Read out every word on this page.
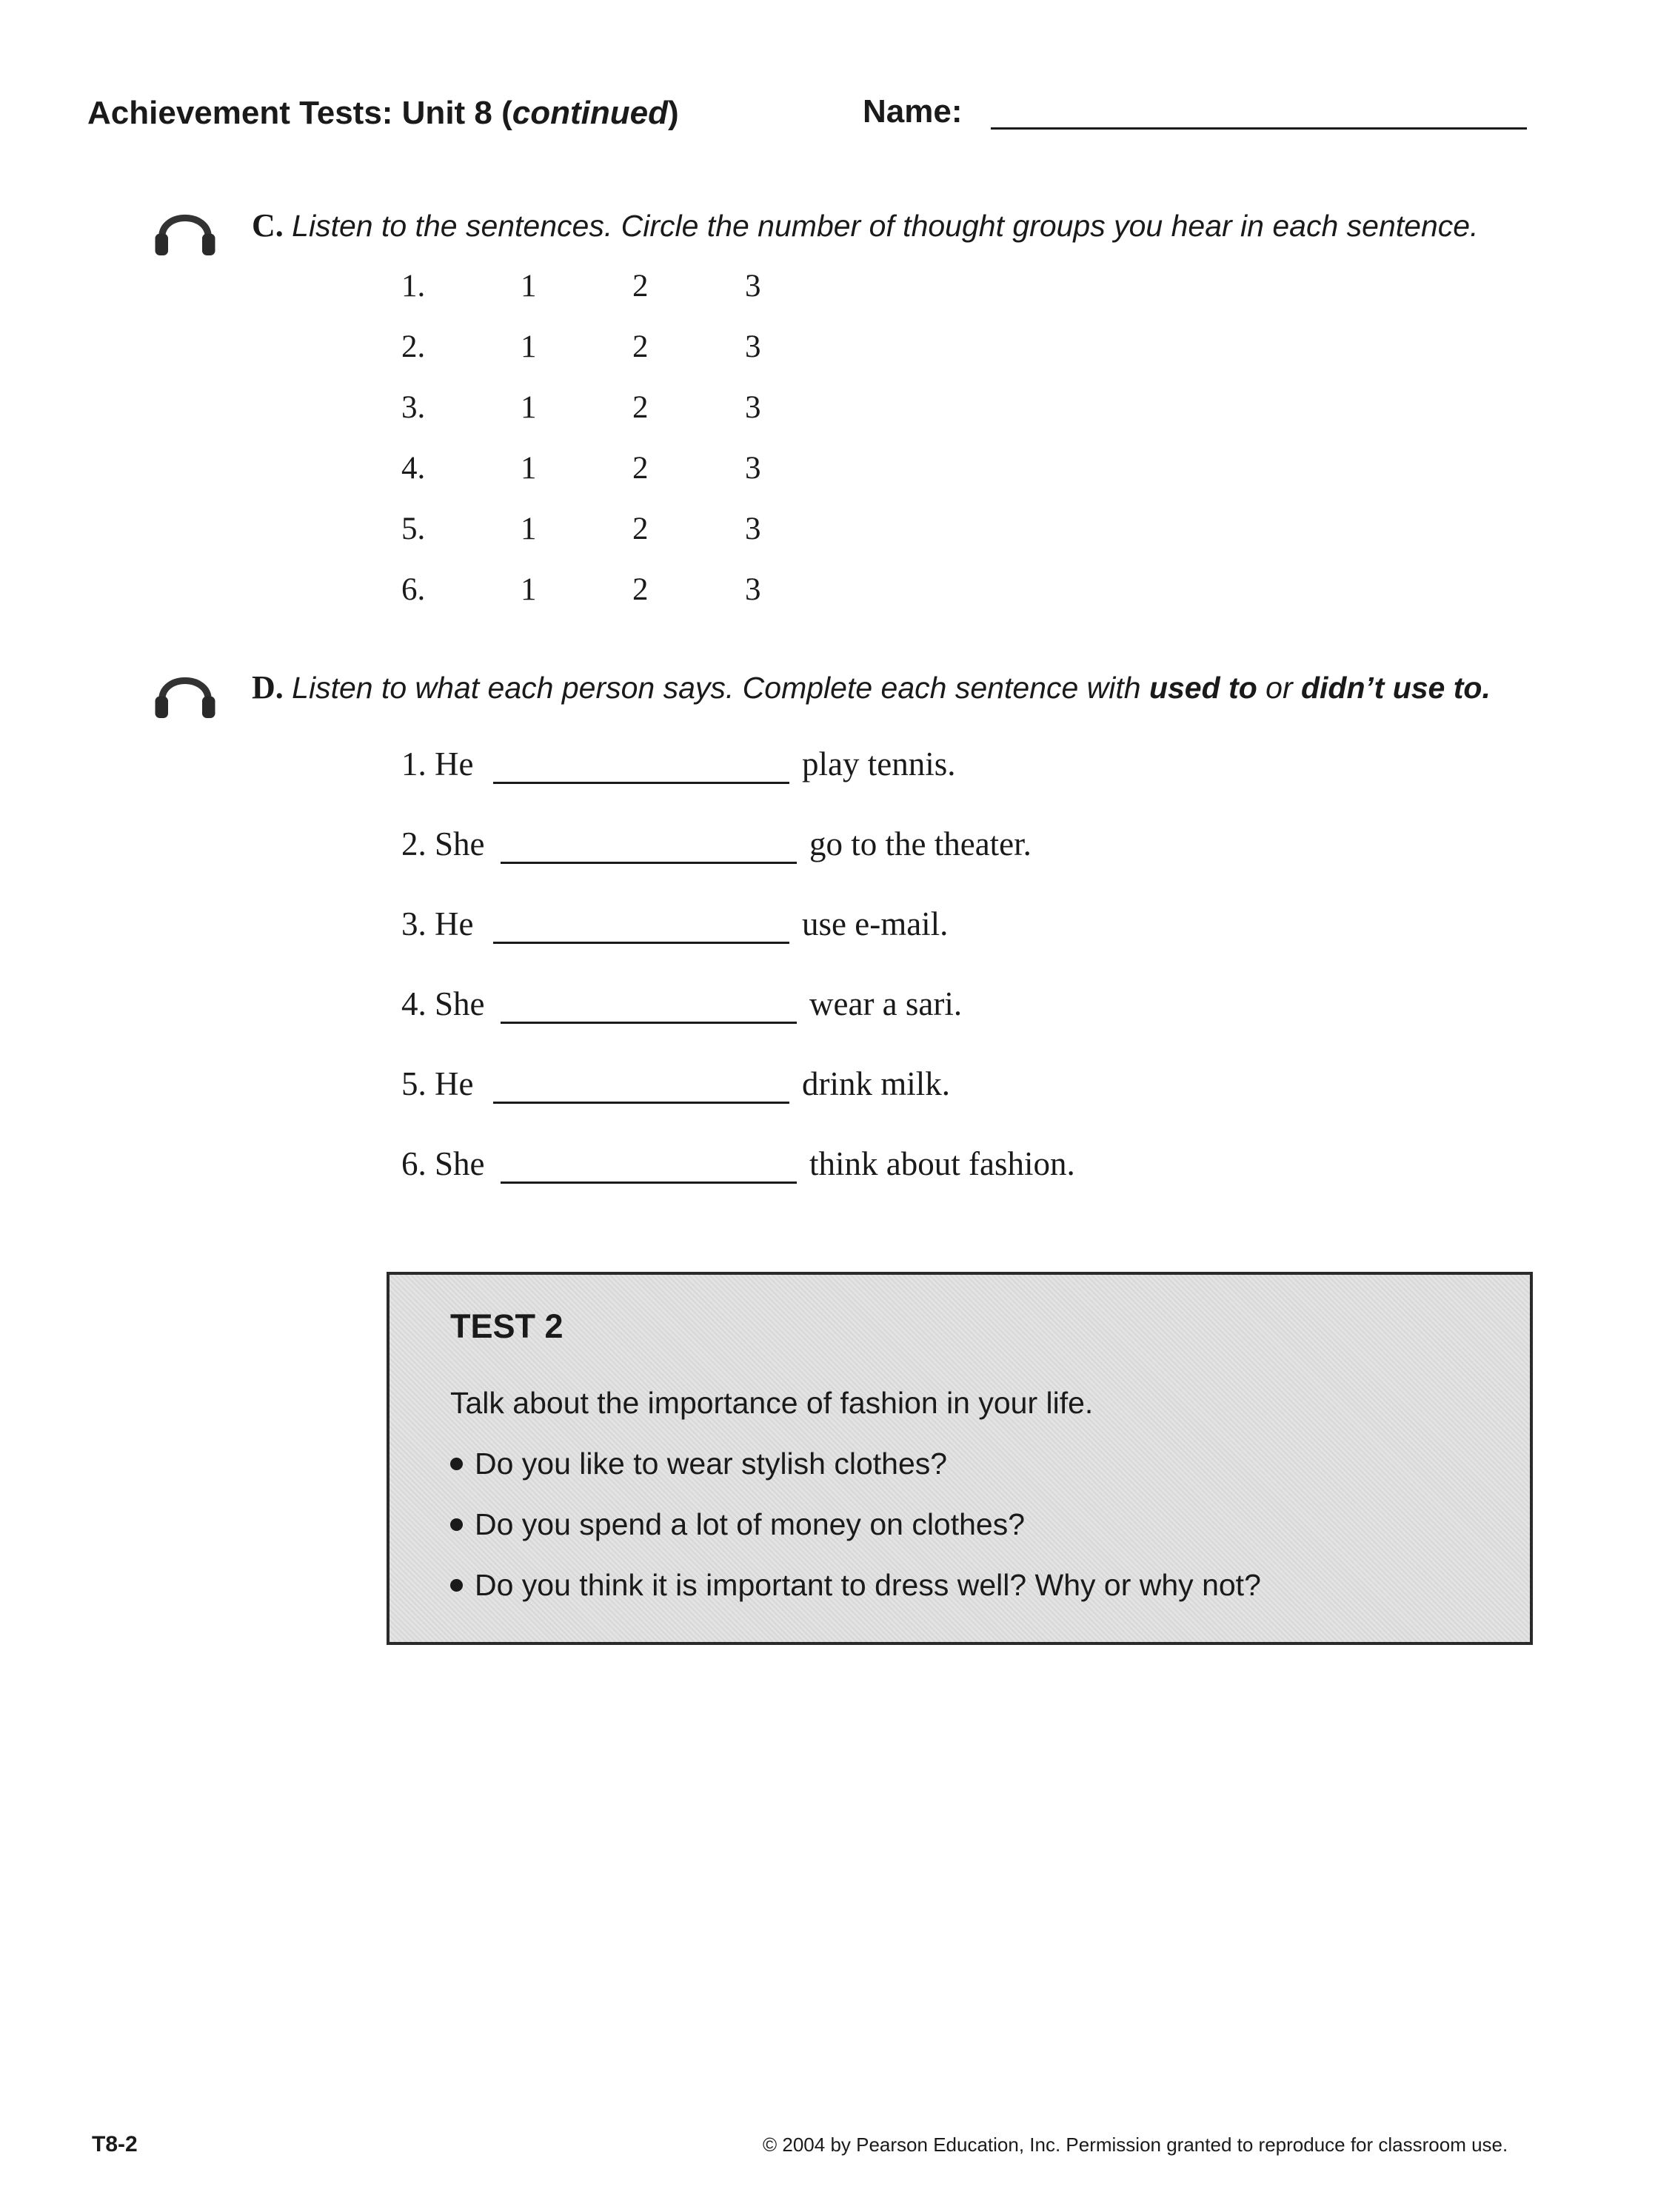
Achievement Tests: Unit 8 (continued)	Name:
C. Listen to the sentences. Circle the number of thought groups you hear in each sentence.
1.	1	2	3
2.	1	2	3
3.	1	2	3
4.	1	2	3
5.	1	2	3
6.	1	2	3
D. Listen to what each person says. Complete each sentence with used to or didn’t use to.
1. He	play tennis.
2. She	go to the theater.
3. He	use e-mail.
4. She	wear a sari.
5. He	drink milk.
6. She	think about fashion.
TEST 2
Talk about the importance of fashion in your life.
Do you like to wear stylish clothes?
Do you spend a lot of money on clothes?
Do you think it is important to dress well? Why or why not?
T8-2	© 2004 by Pearson Education, Inc. Permission granted to reproduce for classroom use.
